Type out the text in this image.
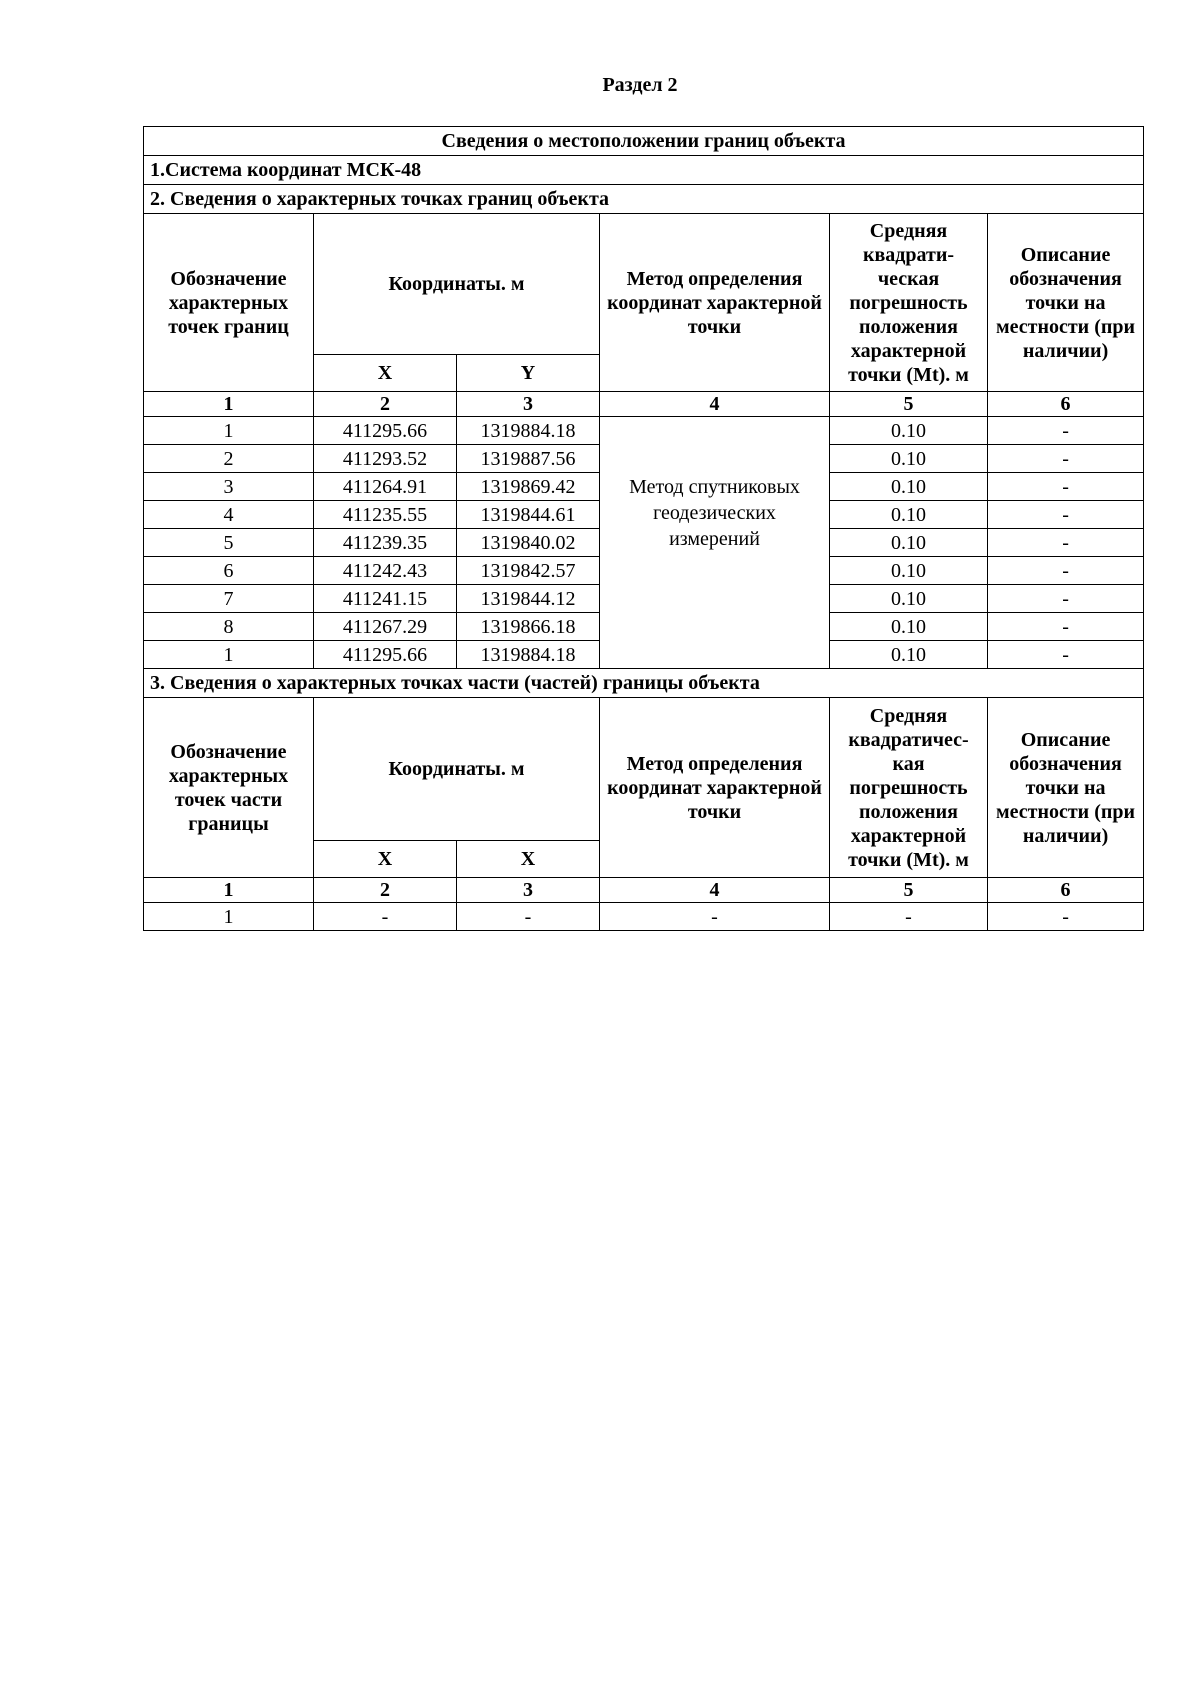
Раздел 2
Сведения о местоположении границ объекта					
1.Система координат МСК-48					
2. Сведения о характерных точках границ объекта					
Обозначение характерных точек границ	Координаты. м		Метод определения координат характерной точки	Средняя квадрати-ческая погрешность положения характерной точки (Mt). м	Описание обозначения точки на местности (при наличии)
	X	Y			
1	2	3	4	5	6
1	411295.66	1319884.18	Метод спутниковых геодезических измерений	0.10	-
2	411293.52	1319887.56		0.10	-
3	411264.91	1319869.42		0.10	-
4	411235.55	1319844.61		0.10	-
5	411239.35	1319840.02		0.10	-
6	411242.43	1319842.57		0.10	-
7	411241.15	1319844.12		0.10	-
8	411267.29	1319866.18		0.10	-
1	411295.66	1319884.18		0.10	-
3. Сведения о характерных точках части (частей) границы объекта					
Обозначение характерных точек части границы	Координаты. м		Метод определения координат характерной точки	Средняя квадратичес-кая погрешность положения характерной точки (Mt). м	Описание обозначения точки на местности (при наличии)
	X	X			
1	2	3	4	5	6
1	-	-	-	-	-
